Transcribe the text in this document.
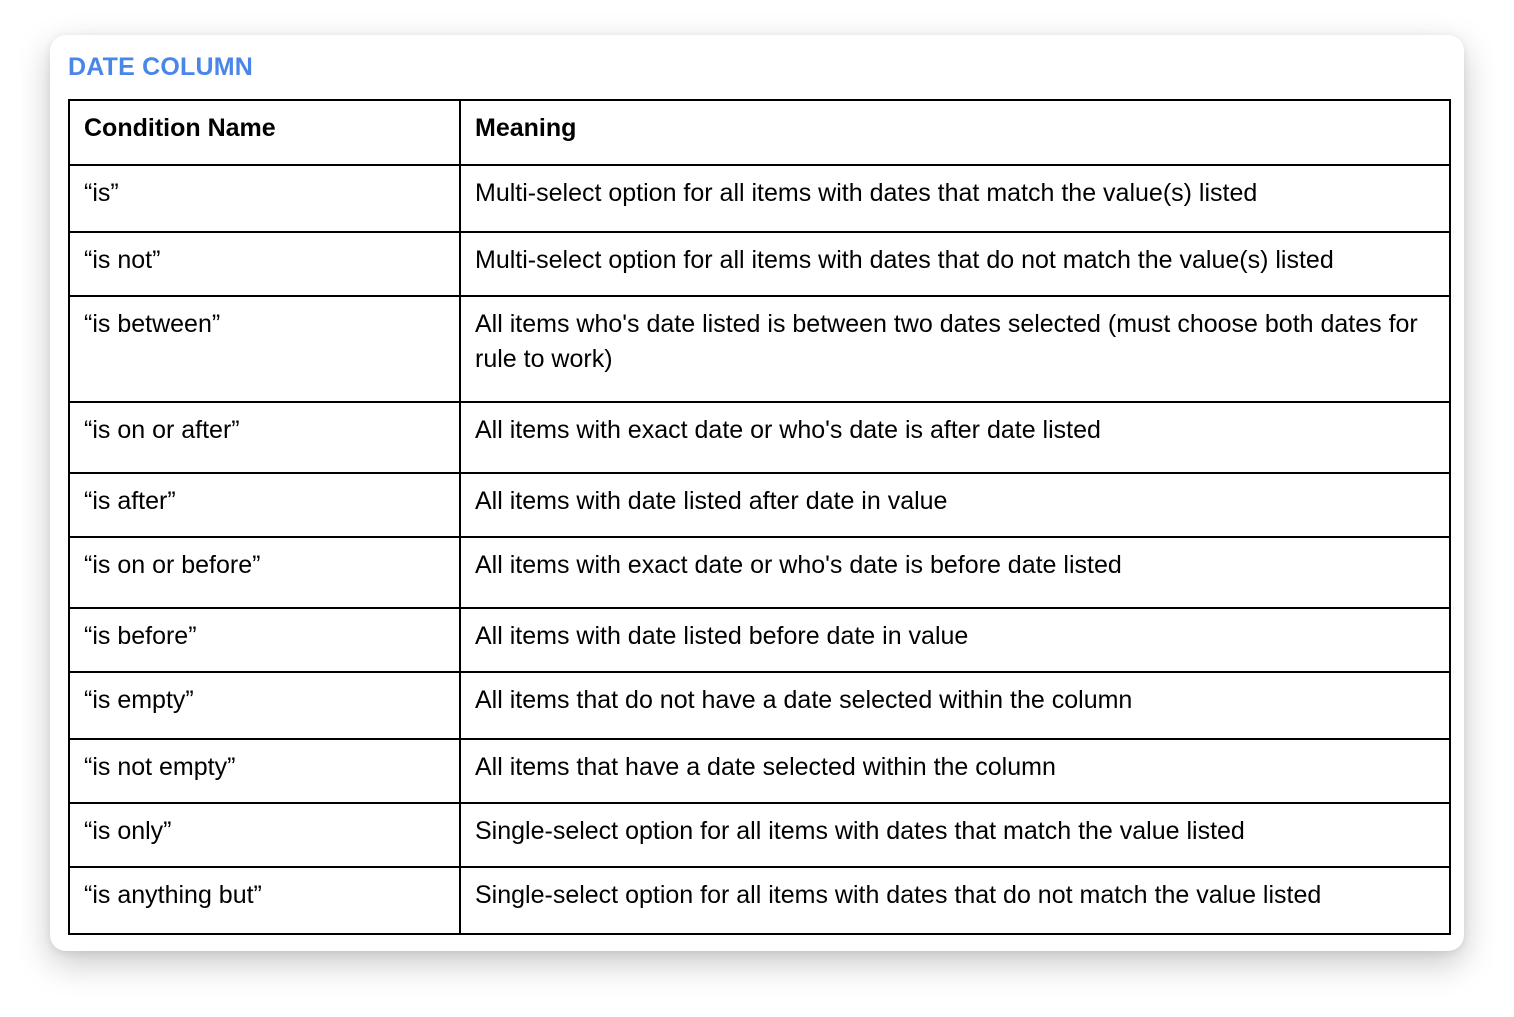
DATE COLUMN
Condition Name	Meaning
“is”	Multi-select option for all items with dates that match the value(s) listed
“is not”	Multi-select option for all items with dates that do not match the value(s) listed
“is between”	All items who's date listed is between two dates selected (must choose both dates for rule to work)
“is on or after”	All items with exact date or who's date is after date listed
“is after”	All items with date listed after date in value
“is on or before”	All items with exact date or who's date is before date listed
“is before”	All items with date listed before date in value
“is empty”	All items that do not have a date selected within the column
“is not empty”	All items that have a date selected within the column
“is only”	Single-select option for all items with dates that match the value listed
“is anything but”	Single-select option for all items with dates that do not match the value listed
